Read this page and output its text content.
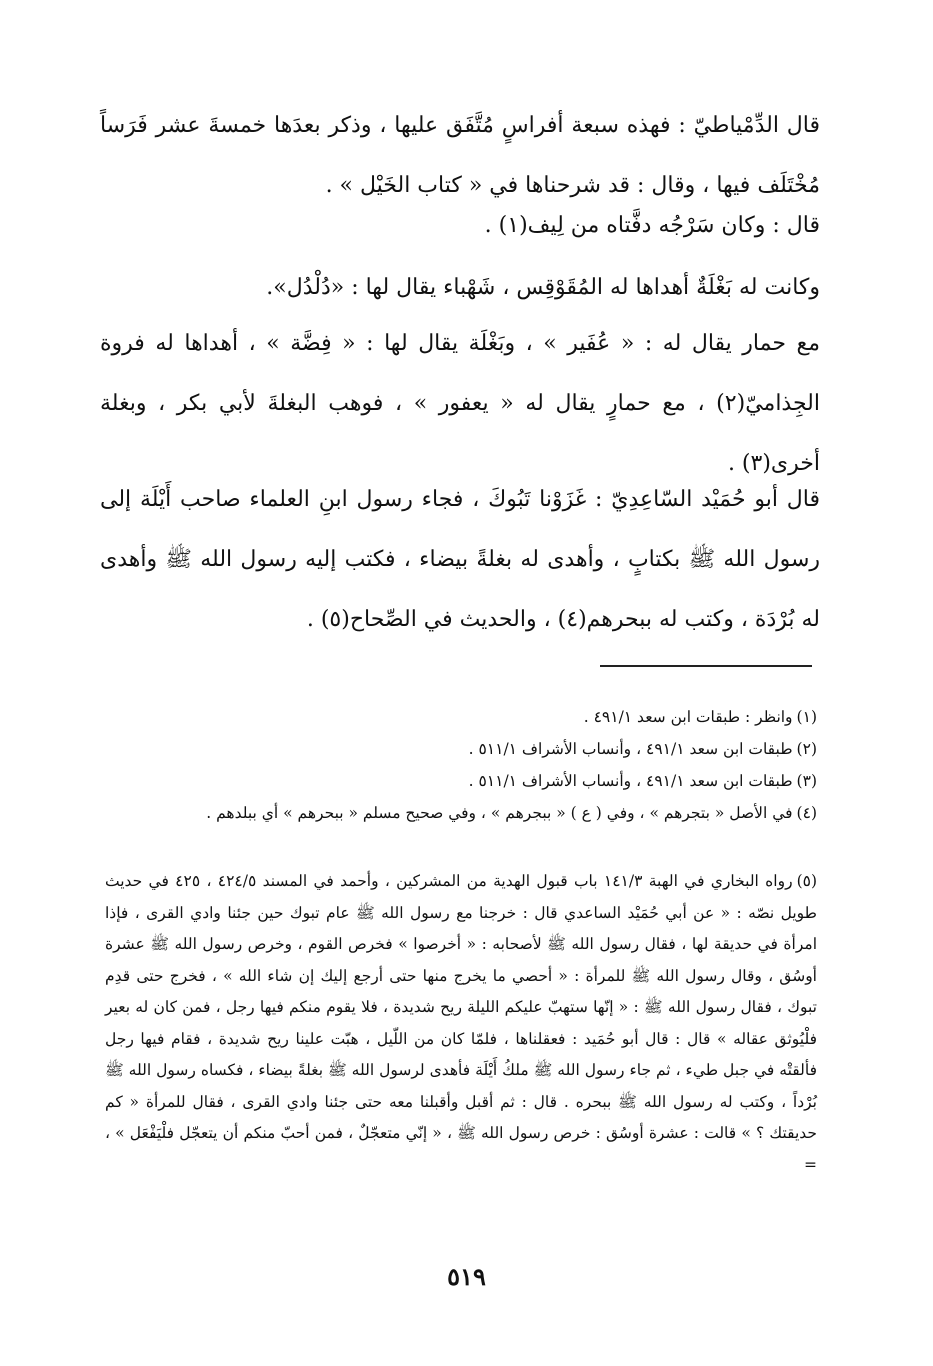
قال الدِّمْياطيّ : فهذه سبعة أفراسٍ مُتَّفَق عليها ، وذكر بعدَها خمسةَ عشر فَرَساً مُخْتَلَف فيها ، وقال : قد شرحناها في « كتاب الخَيْل » .

قال : وكان سَرْجُه دفَّتاه من لِيف(١) .

وكانت له بَغْلَةٌ أهداها له المُقَوْقِس ، شَهْباء يقال لها : «دُلْدُل».

مع حمار يقال له : « عُفَير » ، وبَغْلَة يقال لها : « فِضَّة » ، أهداها له فروة الجِذاميّ(٢) ، مع حمارٍ يقال له « يعفور » ، فوهب البغلةَ لأبي بكر ، وبغلة أخرى(٣) .

قال أبو حُمَيْد السّاعِدِيّ : غَزَوْنا تَبُوكَ ، فجاء رسول ابنِ العلماء صاحب أَيْلَة إلى رسول الله ﷺ بكتابٍ ، وأهدى له بغلةً بيضاء ، فكتب إليه رسول الله ﷺ وأهدى له بُرْدَة ، وكتب له ببحرهم(٤) ، والحديث في الصِّحاح(٥) .

(١)وانظر : طبقات ابن سعد ٤٩١/١ .

(٢)طبقات ابن سعد ٤٩١/١ ، وأنساب الأشراف ٥١١/١ .

(٣)طبقات ابن سعد ٤٩١/١ ، وأنساب الأشراف ٥١١/١ .

(٤)في الأصل « بتجرهم » ، وفي ( ع ) « ببجرهم » ، وفي صحيح مسلم « ببحرهم » أي ببلدهم .

(٥)رواه البخاري في الهبة ١٤١/٣ باب قبول الهدية من المشركين ، وأحمد في المسند ٤٢٤/٥ ، ٤٢٥ في حديث طويل نصّه : « عن أبي حُمَيْد الساعدي قال : خرجنا مع رسول الله ﷺ عام تبوك حين جئنا وادي القرى ، فإذا امرأة في حديقة لها ، فقال رسول الله ﷺ لأصحابه : « أخرصوا » فخرص القوم ، وخرص رسول الله ﷺ عشرة أوسُق ، وقال رسول الله ﷺ للمرأة : « أحصي ما يخرج منها حتى أرجع إليك إن شاء الله » ، فخرج حتى قدِم تبوك ، فقال رسول الله ﷺ : « إنّها ستهبّ عليكم الليلة ريح شديدة ، فلا يقوم منكم فيها رجل ، فمن كان له بعير فلْيُوثق عقاله » قال : قال أبو حُمَيد : فعقلناها ، فلمّا كان من اللّيل ، هبّت علينا ريح شديدة ، فقام فيها رجل فألقتْه في جبل طيء ، ثم جاء رسول الله ﷺ ملكُ أَيْلَة فأهدى لرسول الله ﷺ بغلةً بيضاء ، فكساه رسول الله ﷺ بُرْداً ، وكتب له رسول الله ﷺ ببحره . قال : ثم أقبل وأقبلنا معه حتى جئنا وادي القرى ، فقال للمرأة « كم حديقتك ؟ » قالت : عشرة أوسُق : خرص رسول الله ﷺ ، « إنّي متعجّلٌ ، فمن أحبّ منكم أن يتعجّل فلْيَفْعَل » ، =

٥١٩
